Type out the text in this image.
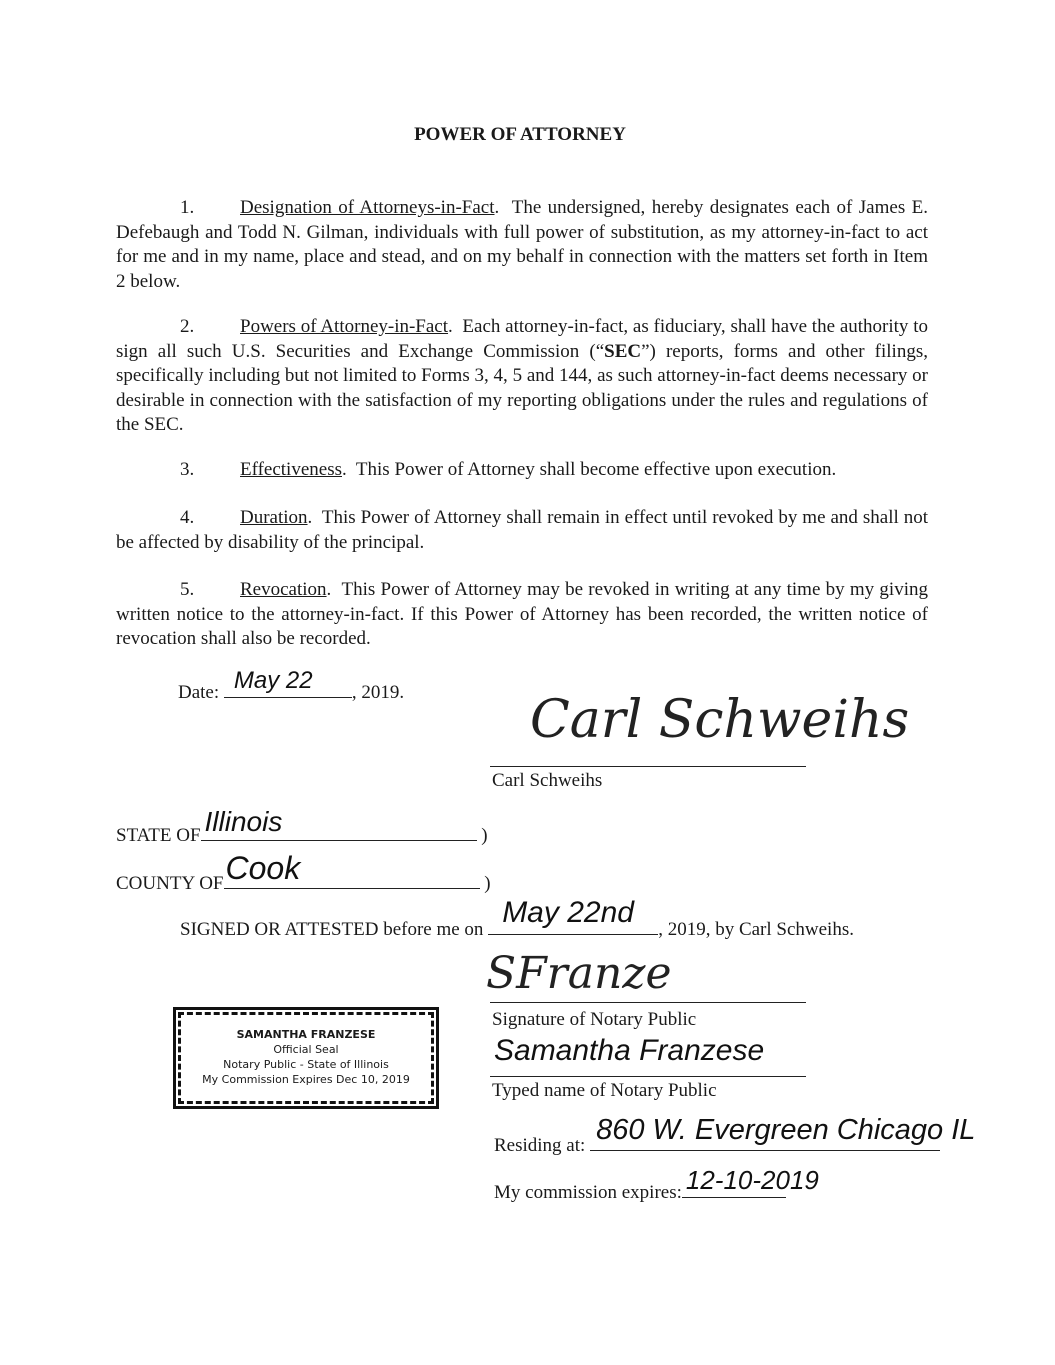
POWER OF ATTORNEY
1. Designation of Attorneys-in-Fact.  The undersigned, hereby designates each of James E. Defebaugh and Todd N. Gilman, individuals with full power of substitution, as my attorney-in-fact to act for me and in my name, place and stead, and on my behalf in connection with the matters set forth in Item 2 below.
2. Powers of Attorney-in-Fact.  Each attorney-in-fact, as fiduciary, shall have the authority to sign all such U.S. Securities and Exchange Commission (“SEC”) reports, forms and other filings, specifically including but not limited to Forms 3, 4, 5 and 144, as such attorney-in-fact deems necessary or desirable in connection with the satisfaction of my reporting obligations under the rules and regulations of the SEC.
3. Effectiveness.  This Power of Attorney shall become effective upon execution.
4. Duration.  This Power of Attorney shall remain in effect until revoked by me and shall not be affected by disability of the principal.
5. Revocation.  This Power of Attorney may be revoked in writing at any time by my giving written notice to the attorney-in-fact. If this Power of Attorney has been recorded, the written notice of revocation shall also be recorded.
Date: May 22 , 2019. Carl Schweihs
Carl Schweihs
STATE OF Illinois	)
COUNTY OF Cook	)
SIGNED OR ATTESTED before me on
May 22nd
, 2019, by Carl Schweihs.
SAMANTHA FRANZESE
Official Seal
Notary Public - State of Illinois
My Commission Expires Dec 10, 2019
SFranze
Signature of Notary Public
Samantha Franzese
Typed name of Notary Public
Residing at: 860 W. Evergreen Chicago IL
My commission expires: 12-10-2019
